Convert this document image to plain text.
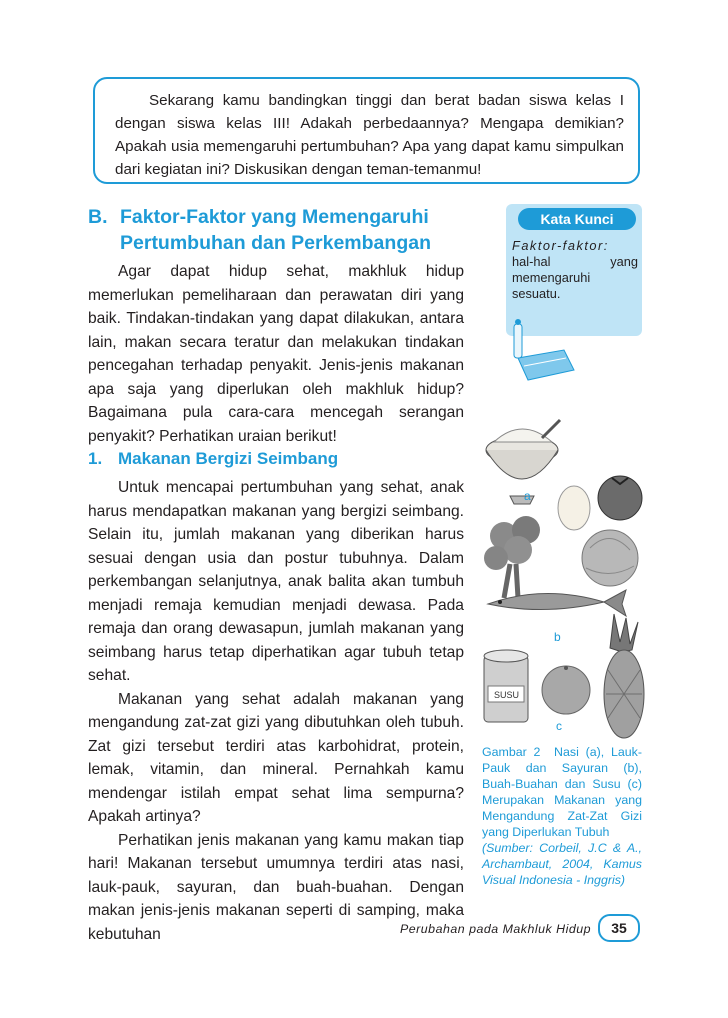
Sekarang kamu bandingkan tinggi dan berat badan siswa kelas I dengan siswa kelas III! Adakah perbedaannya? Mengapa demikian? Apakah usia memengaruhi pertumbuhan? Apa yang dapat kamu simpulkan dari kegiatan ini? Diskusikan dengan teman-temanmu!

B. Faktor-Faktor yang Memengaruhi Pertumbuhan dan Perkembangan

Agar dapat hidup sehat, makhluk hidup memerlukan pemeliharaan dan perawatan diri yang baik. Tindakan-tindakan yang dapat dilakukan, antara lain, makan secara teratur dan melakukan tindakan pencegahan terhadap penyakit. Jenis-jenis makanan apa saja yang diperlukan oleh makhluk hidup? Bagaimana pula cara-cara mencegah serangan penyakit? Perhatikan uraian berikut!

1. Makanan Bergizi Seimbang

Untuk mencapai pertumbuhan yang sehat, anak harus mendapatkan makanan yang bergizi seimbang. Selain itu, jumlah makanan yang diberikan harus sesuai dengan usia dan postur tubuhnya. Dalam perkembangan selanjutnya, anak balita akan tumbuh menjadi remaja kemudian menjadi dewasa. Pada remaja dan orang dewasapun, jumlah makanan yang seimbang harus tetap diperhatikan agar tubuh tetap sehat.

Makanan yang sehat adalah makanan yang mengandung zat-zat gizi yang dibutuhkan oleh tubuh. Zat gizi tersebut terdiri atas karbohidrat, protein, lemak, vitamin, dan mineral. Pernahkah kamu mendengar istilah empat sehat lima sempurna? Apakah artinya?

Perhatikan jenis makanan yang kamu makan tiap hari! Makanan tersebut umumnya terdiri atas nasi, lauk-pauk, sayuran, dan buah-buahan. Dengan makan jenis-jenis makanan seperti di samping, maka kebutuhan

Kata Kunci
Faktor-faktor:
hal-hal yang memengaruhi sesuatu.
a
b
SUSU
c
Gambar 2 Nasi (a), Lauk-Pauk dan Sayuran (b), Buah-Buahan dan Susu (c) Merupakan Makanan yang Mengandung Zat-Zat Gizi yang Diperlukan Tubuh
(Sumber: Corbeil, J.C & A., Archambaut, 2004, Kamus Visual Indonesia - Inggris)
Perubahan pada Makhluk Hidup	35
